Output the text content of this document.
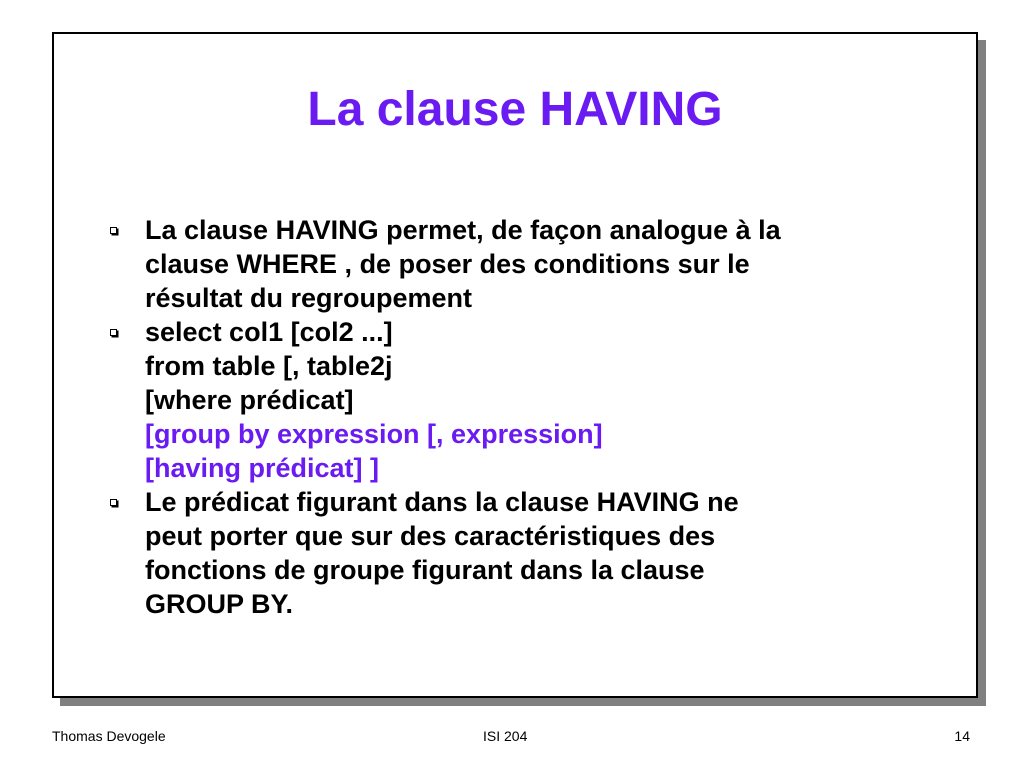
La clause HAVING
La clause HAVING permet, de façon analogue à la
clause WHERE , de poser des conditions sur le
résultat du regroupement
select col1 [col2 ...]
from table [, table2j
[where prédicat]
[group by expression [, expression]
[having prédicat] ]
Le prédicat figurant dans la clause HAVING ne
peut porter que sur des caractéristiques des
fonctions de groupe figurant dans la clause
GROUP BY.
Thomas Devogele	ISI 204	14
